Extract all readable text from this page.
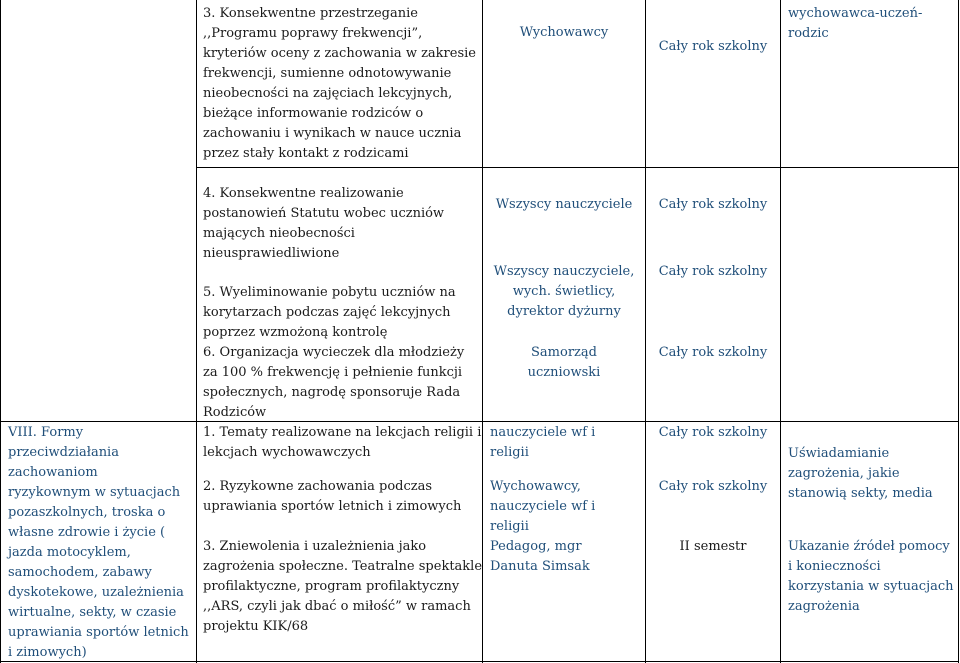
3. Konsekwentne przestrzeganie
,,Programu poprawy frekwencji”,
kryteriów oceny z zachowania w zakresie
frekwencji, sumienne odnotowywanie
nieobecności na zajęciach lekcyjnych,
bieżące informowanie rodziców o
zachowaniu i wynikach w nauce ucznia
przez stały kontakt z rodzicami
Wychowawcy
Cały rok szkolny
wychowawca-uczeń-
rodzic
4. Konsekwentne realizowanie
postanowień Statutu wobec uczniów
mających nieobecności
nieusprawiedliwione
Wszyscy nauczyciele	Cały rok szkolny
5. Wyeliminowanie pobytu uczniów na
korytarzach podczas zajęć lekcyjnych
poprzez wzmożoną kontrolę
Wszyscy nauczyciele,
wych. świetlicy,
dyrektor dyżurny
Cały rok szkolny
6. Organizacja wycieczek dla młodzieży
za 100 % frekwencję i pełnienie funkcji
społecznych, nagrodę sponsoruje Rada
Rodziców
Samorząd
uczniowski
Cały rok szkolny
VIII. Formy
przeciwdziałania
zachowaniom
ryzykownym w sytuacjach
pozaszkolnych, troska o
własne zdrowie i życie (
jazda motocyklem,
samochodem, zabawy
dyskotekowe, uzależnienia
wirtualne, sekty, w czasie
uprawiania sportów letnich
i zimowych)
1. Tematy realizowane na lekcjach religii i
lekcjach wychowawczych
nauczyciele wf i
religii
Cały rok szkolny
2. Ryzykowne zachowania podczas
uprawiania sportów letnich i zimowych
Wychowawcy,
nauczyciele wf i
religii
Cały rok szkolny
3. Zniewolenia i uzależnienia jako
zagrożenia społeczne. Teatralne spektakle
profilaktyczne, program profilaktyczny
,,ARS, czyli jak dbać o miłość” w ramach
projektu KIK/68
Pedagog, mgr
Danuta Simsak
II semestr
Uświadamianie
zagrożenia, jakie
stanowią sekty, media
Ukazanie źródeł pomocy
i konieczności
korzystania w sytuacjach
zagrożenia
